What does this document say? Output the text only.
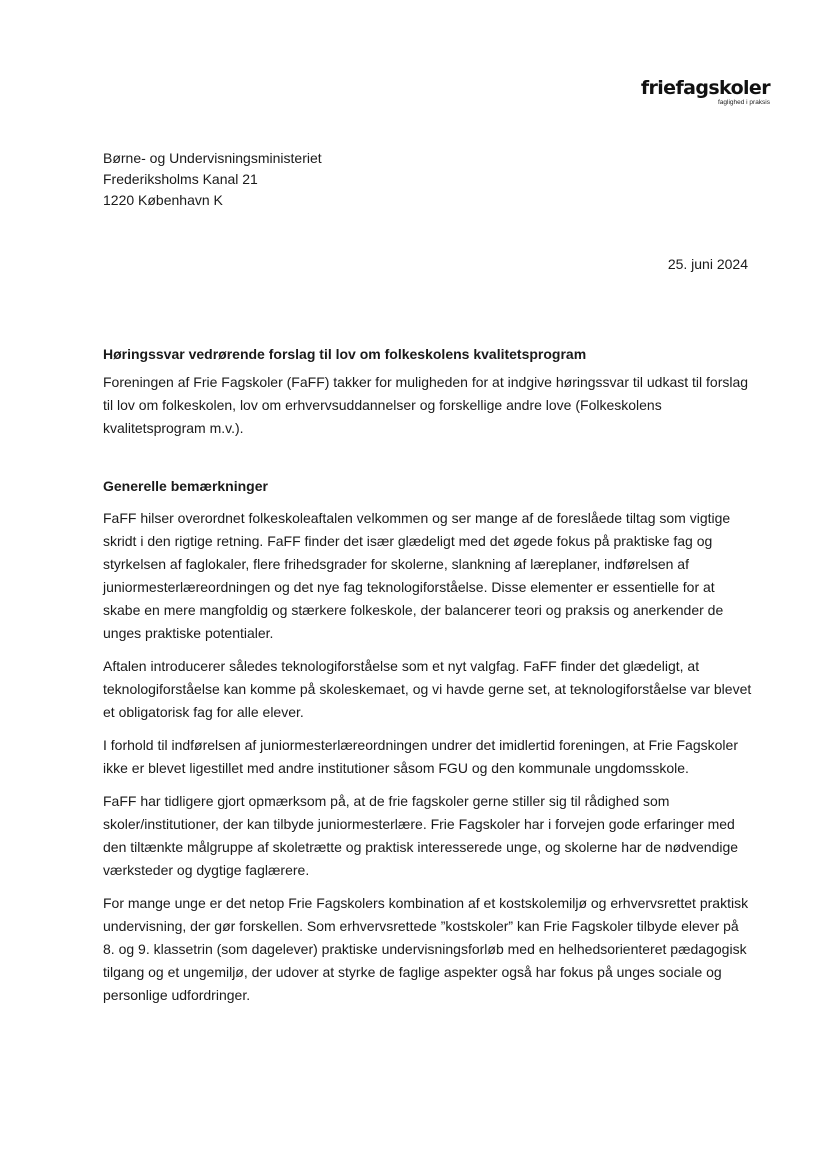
friefagskoler
faglighed i praksis
Børne- og Undervisningsministeriet
Frederiksholms Kanal 21
1220 København K
25. juni 2024
Høringssvar vedrørende forslag til lov om folkeskolens kvalitetsprogram

Foreningen af Frie Fagskoler (FaFF) takker for muligheden for at indgive høringssvar til udkast til forslag til lov om folkeskolen, lov om erhvervsuddannelser og forskellige andre love (Folkeskolens kvalitetsprogram m.v.).

Generelle bemærkninger

FaFF hilser overordnet folkeskoleaftalen velkommen og ser mange af de foreslåede tiltag som vigtige skridt i den rigtige retning. FaFF finder det især glædeligt med det øgede fokus på praktiske fag og styrkelsen af faglokaler, flere frihedsgrader for skolerne, slankning af læreplaner, indførelsen af juniormesterlæreordningen og det nye fag teknologiforståelse. Disse elementer er essentielle for at skabe en mere mangfoldig og stærkere folkeskole, der balancerer teori og praksis og anerkender de unges praktiske potentialer.

Aftalen introducerer således teknologiforståelse som et nyt valgfag. FaFF finder det glædeligt, at teknologiforståelse kan komme på skoleskemaet, og vi havde gerne set, at teknologiforståelse var blevet et obligatorisk fag for alle elever.

I forhold til indførelsen af juniormesterlæreordningen undrer det imidlertid foreningen, at Frie Fagskoler ikke er blevet ligestillet med andre institutioner såsom FGU og den kommunale ungdomsskole.

FaFF har tidligere gjort opmærksom på, at de frie fagskoler gerne stiller sig til rådighed som skoler/institutioner, der kan tilbyde juniormesterlære. Frie Fagskoler har i forvejen gode erfaringer med den tiltænkte målgruppe af skoletrætte og praktisk interesserede unge, og skolerne har de nødvendige værksteder og dygtige faglærere.

For mange unge er det netop Frie Fagskolers kombination af et kostskolemiljø og erhvervsrettet praktisk undervisning, der gør forskellen. Som erhvervsrettede ”kostskoler” kan Frie Fagskoler tilbyde elever på 8. og 9. klassetrin (som dagelever) praktiske undervisningsforløb med en helhedsorienteret pædagogisk tilgang og et ungemiljø, der udover at styrke de faglige aspekter også har fokus på unges sociale og personlige udfordringer.
